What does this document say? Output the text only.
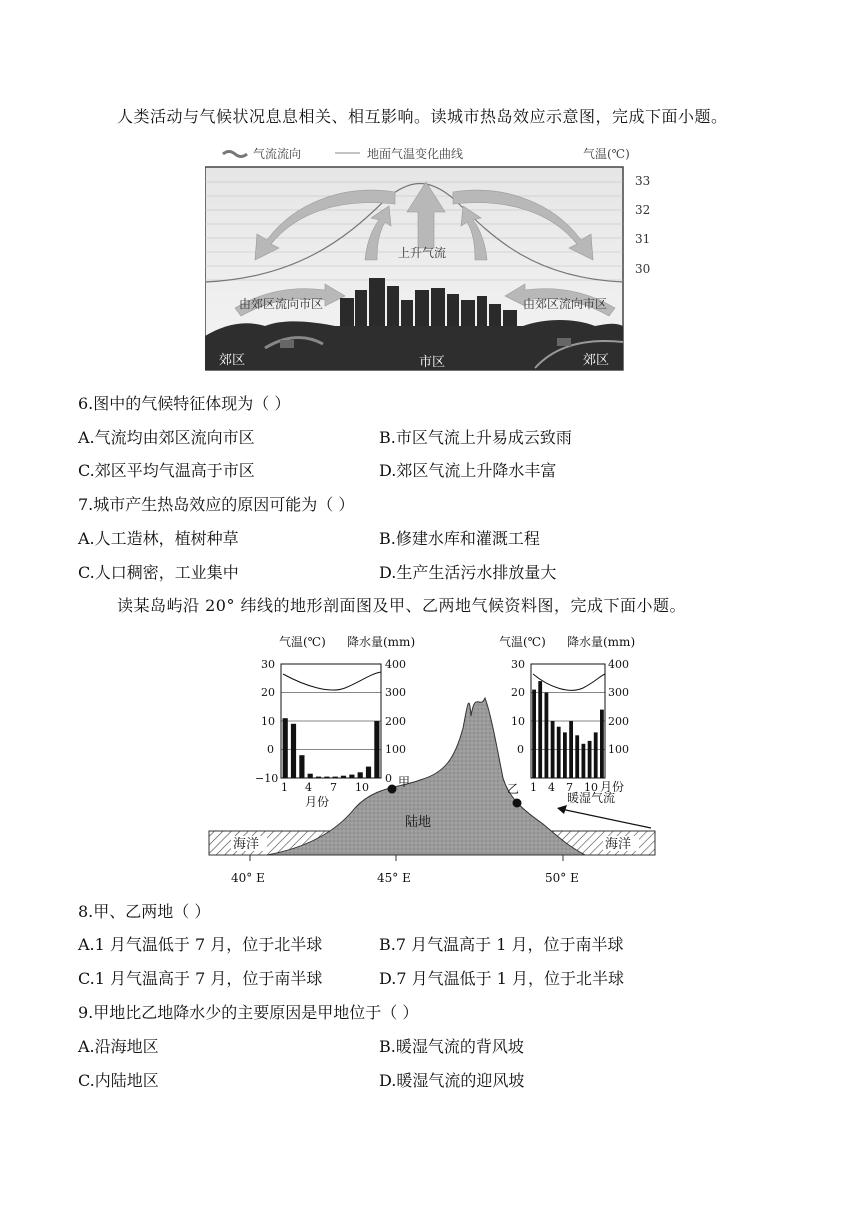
人类活动与气候状况息息相关、相互影响。读城市热岛效应示意图，完成下面小题。
气流流向	地面气温变化曲线	气温(℃)
33
32
31
30
上升气流
由郊区流向市区	由郊区流向市区
郊区	市区	郊区
6.图中的气候特征体现为（ ）
A.气流均由郊区流向市区	B.市区气流上升易成云致雨
C.郊区平均气温高于市区	D.郊区气流上升降水丰富
7.城市产生热岛效应的原因可能为（ ）
A.人工造林，植树种草	B.修建水库和灌溉工程
C.人口稠密，工业集中	D.生产生活污水排放量大
读某岛屿沿 20° 纬线的地形剖面图及甲、乙两地气候资料图，完成下面小题。
海洋	海洋
陆地
40° E	45° E	50° E
甲	乙
暖湿气流
气温(℃) 降水量(mm)
30
20
10
0
−10
400
300
200
100
0
1 4 7 10
月份
气温(℃) 降水量(mm)
30
20
10
0
400
300
200
100
1 4 7 10 月份
8.甲、乙两地（ ）
A.1 月气温低于 7 月，位于北半球	B.7 月气温高于 1 月，位于南半球
C.1 月气温高于 7 月，位于南半球	D.7 月气温低于 1 月，位于北半球
9.甲地比乙地降水少的主要原因是甲地位于（ ）
A.沿海地区	B.暖湿气流的背风坡
C.内陆地区	D.暖湿气流的迎风坡
